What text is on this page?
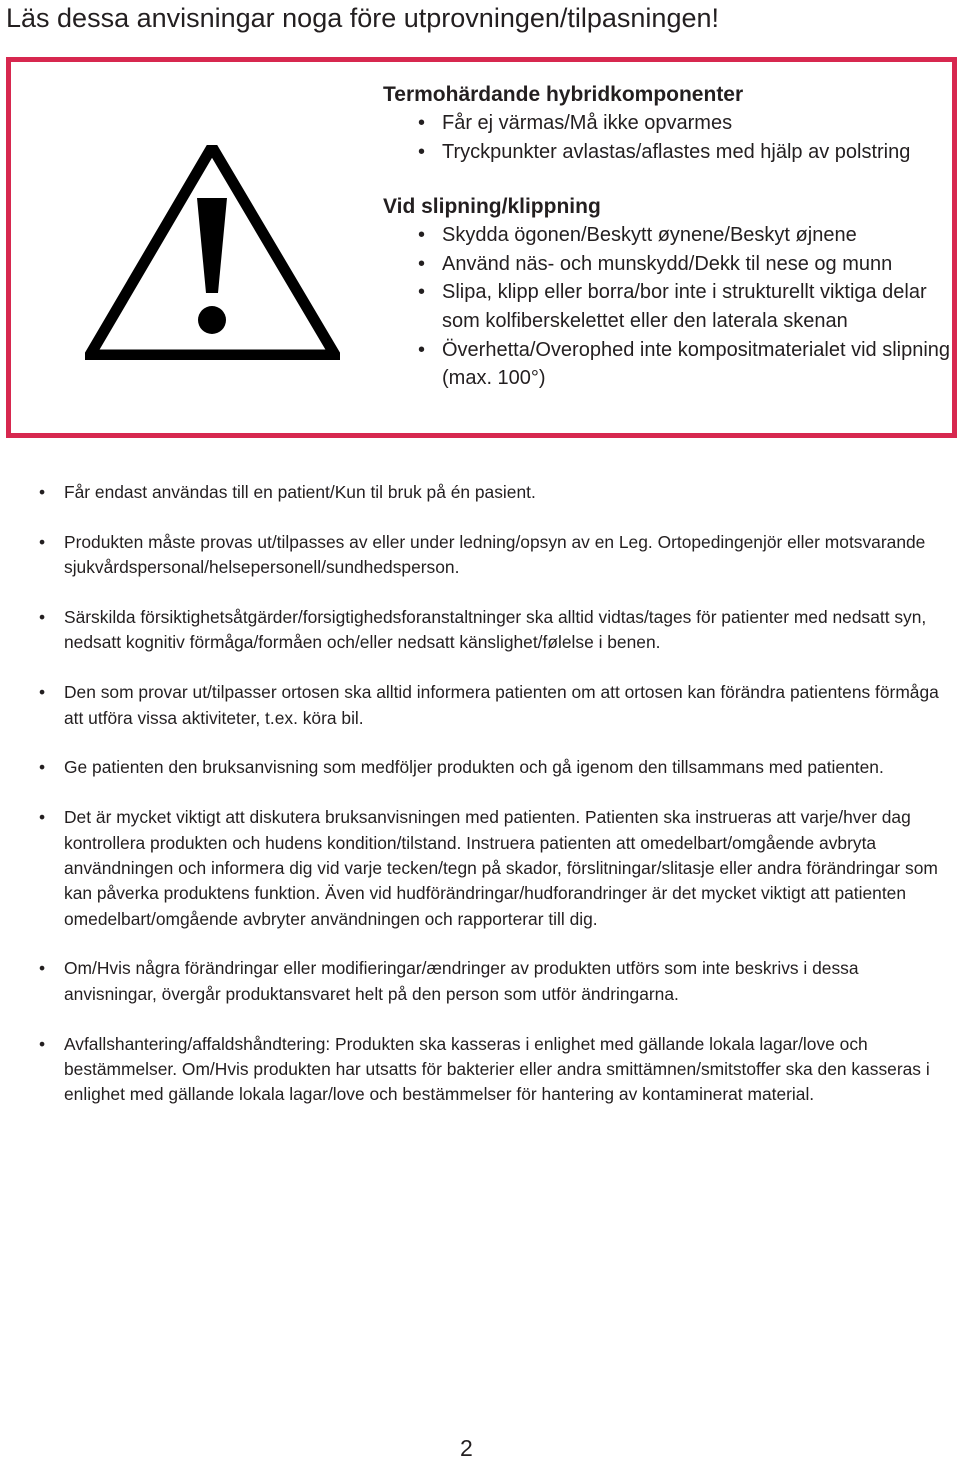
Läs dessa anvisningar noga före utprovningen/tilpasningen!
Termohärdande hybridkomponenter
• Får ej värmas/Må ikke opvarmes
• Tryckpunkter avlastas/aflastes med hjälp av polstring
Vid slipning/klippning
• Skydda ögonen/Beskytt øynene/Beskyt øjnene
• Använd näs- och munskydd/Dekk til nese og munn
• Slipa, klipp eller borra/bor inte i strukturellt viktiga delar som kolfiberskelettet eller den laterala skenan
• Överhetta/Overophed inte kompositmaterialet vid slipning (max. 100°)
• Får endast användas till en patient/Kun til bruk på én pasient.
• Produkten måste provas ut/tilpasses av eller under ledning/opsyn av en Leg. Ortopedingenjör eller motsvarande sjukvårdspersonal/helsepersonell/sundhedsperson.
• Särskilda försiktighetsåtgärder/forsigtighedsforanstaltninger ska alltid vidtas/tages för patienter med nedsatt syn, nedsatt kognitiv förmåga/formåen och/eller nedsatt känslighet/følelse i benen.
• Den som provar ut/tilpasser ortosen ska alltid informera patienten om att ortosen kan förändra patientens förmåga att utföra vissa aktiviteter, t.ex. köra bil.
• Ge patienten den bruksanvisning som medföljer produkten och gå igenom den tillsammans med patienten.
• Det är mycket viktigt att diskutera bruksanvisningen med patienten. Patienten ska instrueras att varje/hver dag kontrollera produkten och hudens kondition/tilstand. Instruera patienten att omedelbart/omgående avbryta användningen och informera dig vid varje tecken/tegn på skador, förslitningar/slitasje eller andra förändringar som kan påverka produktens funktion. Även vid hudförändringar/hudforandringer är det mycket viktigt att patienten omedelbart/omgående avbryter användningen och rapporterar till dig.
• Om/Hvis några förändringar eller modifieringar/ændringer av produkten utförs som inte beskrivs i dessa anvisningar, övergår produktansvaret helt på den person som utför ändringarna.
• Avfallshantering/affaldshåndtering: Produkten ska kasseras i enlighet med gällande lokala lagar/love och bestämmelser. Om/Hvis produkten har utsatts för bakterier eller andra smittämnen/smitstoffer ska den kasseras i enlighet med gällande lokala lagar/love och bestämmelser för hantering av kontaminerat material.
2
